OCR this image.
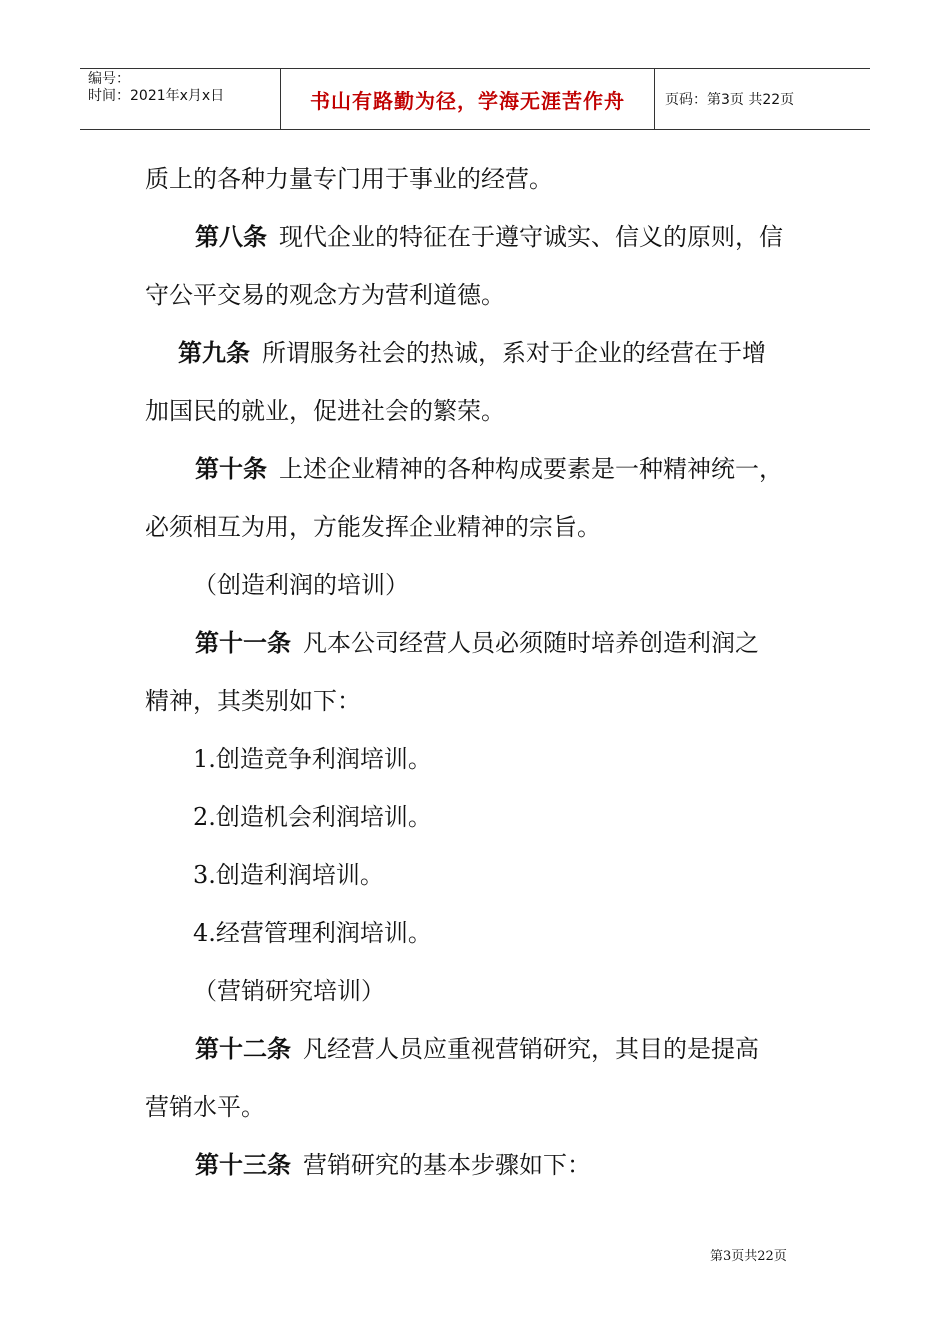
编号：
时间：2021年x月x日	书山有路勤为径，学海无涯苦作舟	页码：第3页 共22页
质上的各种力量专门用于事业的经营。
第八条 现代企业的特征在于遵守诚实、信义的原则，信
守公平交易的观念方为营利道德。
第九条 所谓服务社会的热诚，系对于企业的经营在于增
加国民的就业，促进社会的繁荣。
第十条 上述企业精神的各种构成要素是一种精神统一，
必须相互为用，方能发挥企业精神的宗旨。
（创造利润的培训）
第十一条 凡本公司经营人员必须随时培养创造利润之
精神，其类别如下：
1.创造竞争利润培训。
2.创造机会利润培训。
3.创造利润培训。
4.经营管理利润培训。
（营销研究培训）
第十二条 凡经营人员应重视营销研究，其目的是提高
营销水平。
第十三条 营销研究的基本步骤如下：
第3页共22页
